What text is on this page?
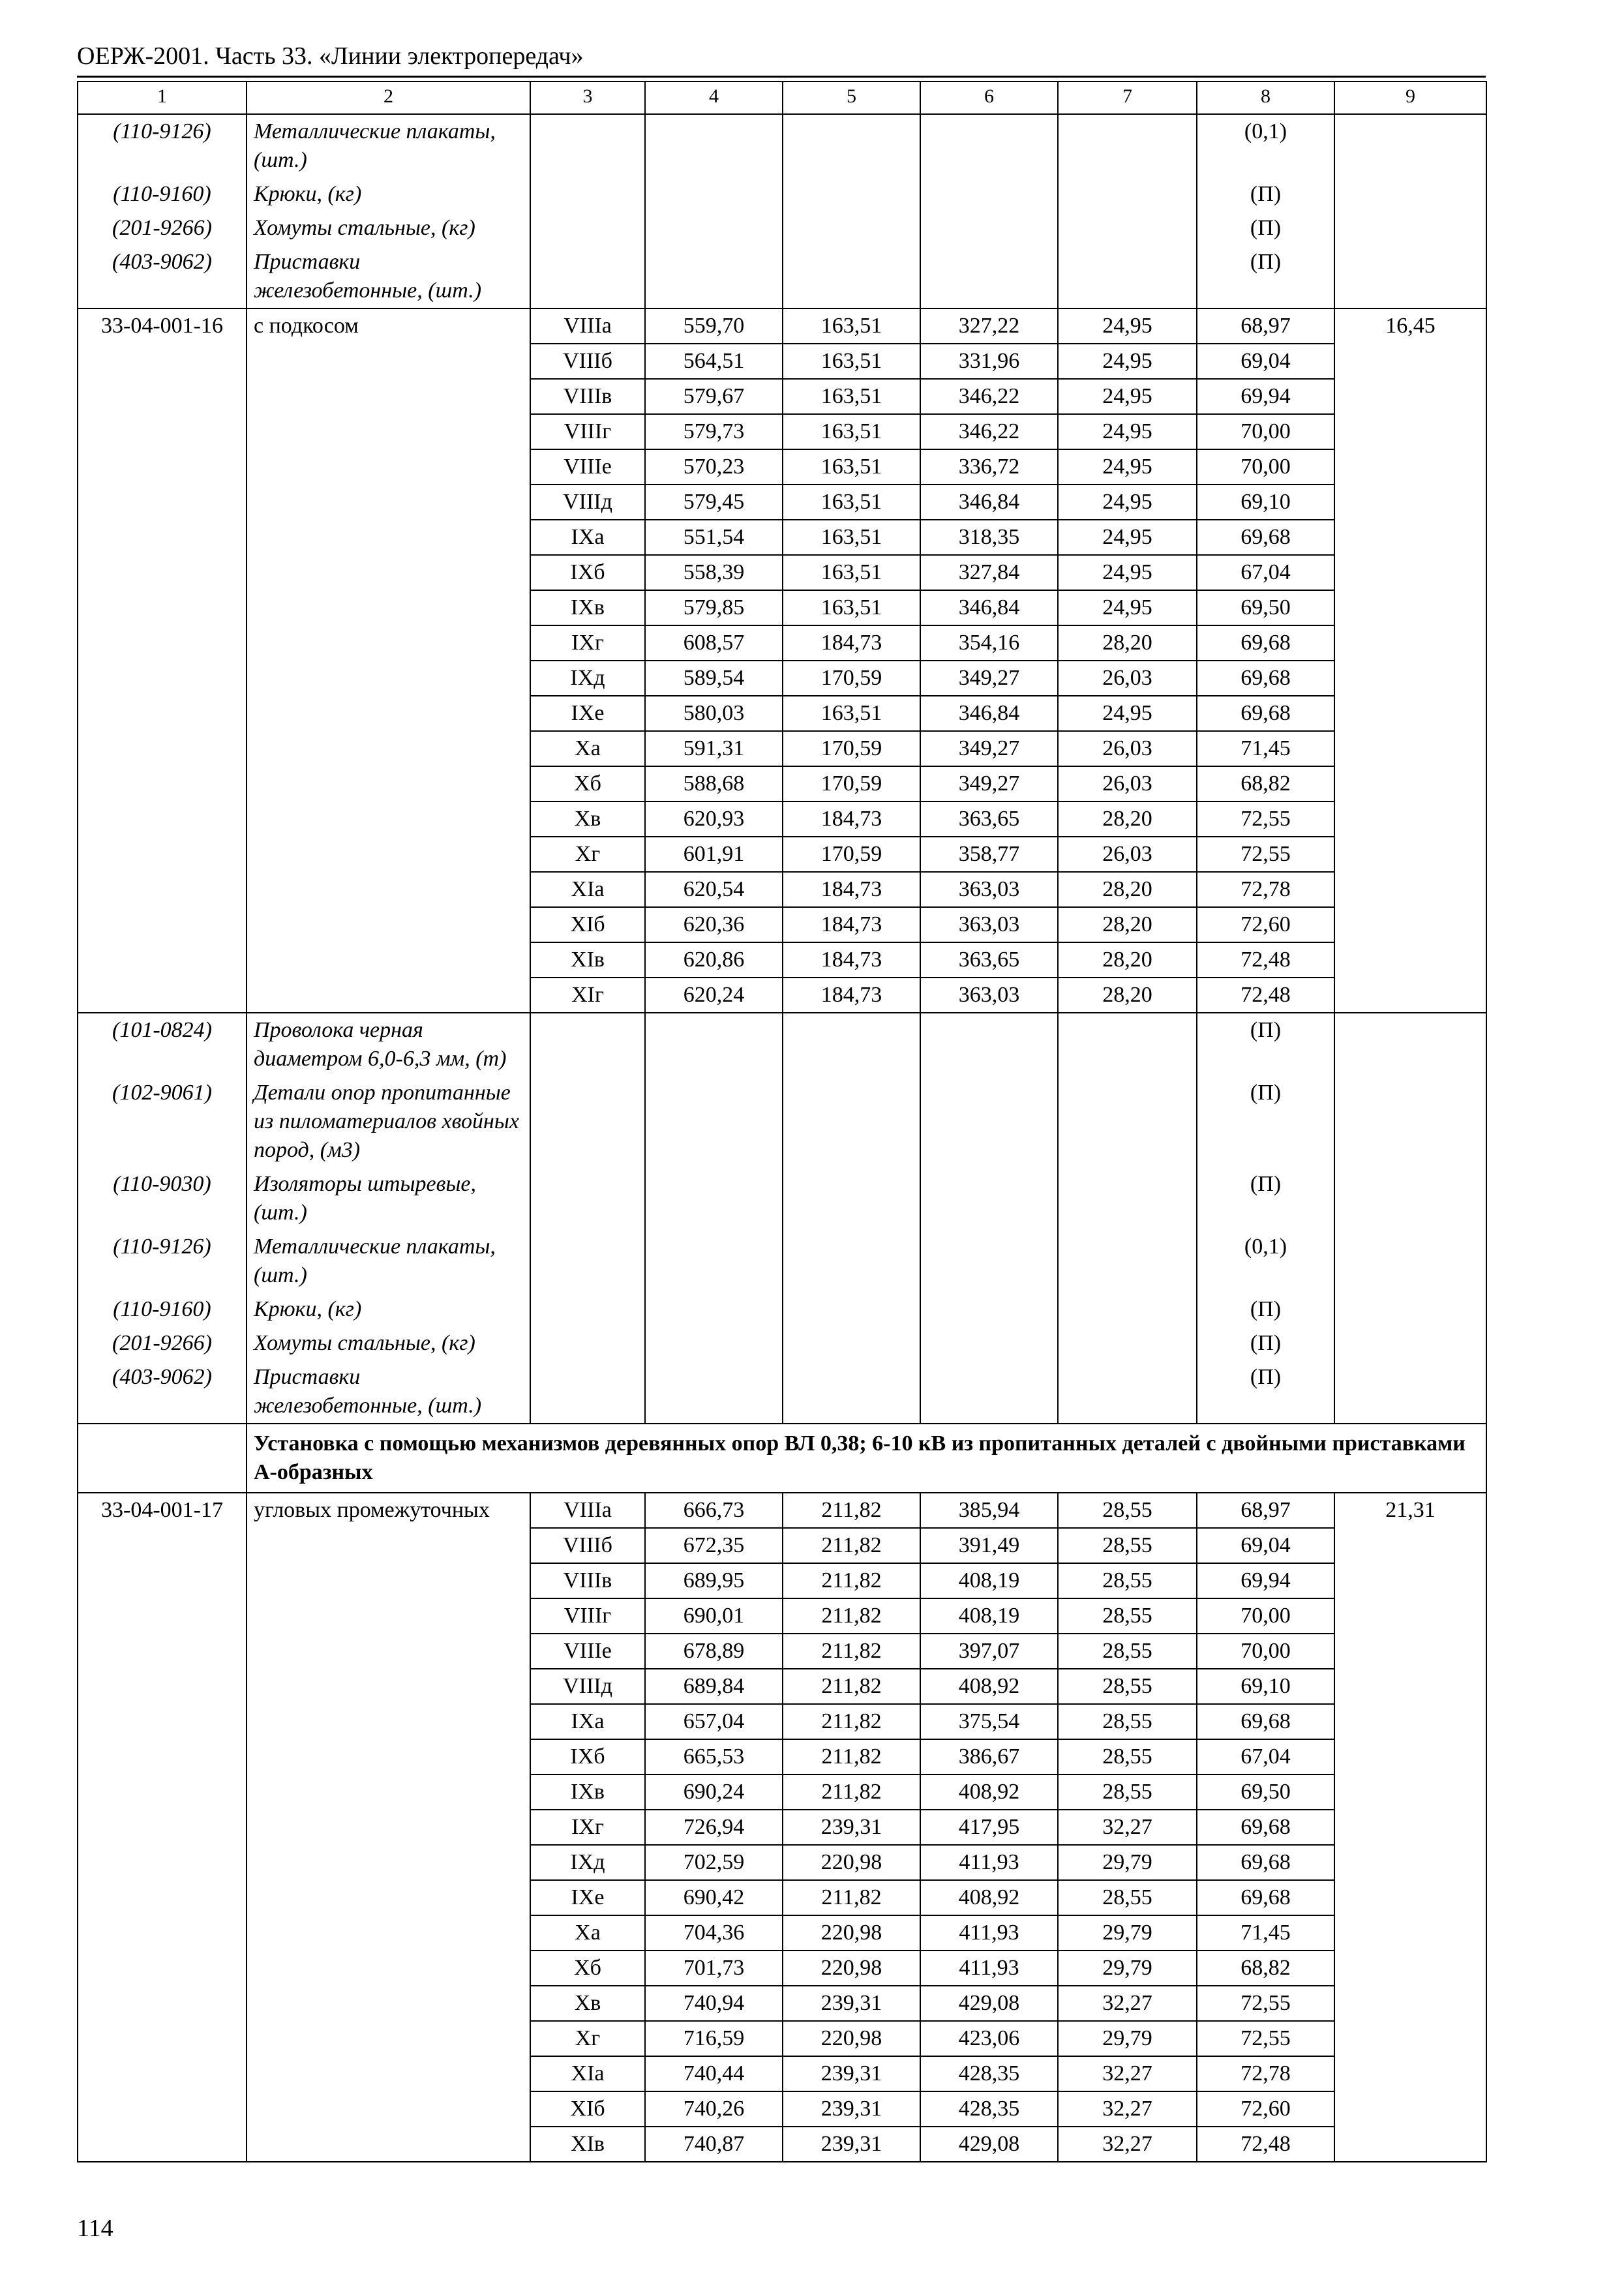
ОЕРЖ-2001. Часть 33. «Линии электропередач»
1	2	3	4	5	6	7	8	9
(110-9126)	Металлические плакаты, (шт.)						(0,1)	
(110-9160)	Крюки, (кг)						(П)	
(201-9266)	Хомуты стальные, (кг)						(П)	
(403-9062)	Приставки железобетонные, (шт.)						(П)	
33-04-001-16	с подкосом	VIIIа	559,70	163,51	327,22	24,95	68,97	16,45
		VIIIб	564,51	163,51	331,96	24,95	69,04	
		VIIIв	579,67	163,51	346,22	24,95	69,94	
		VIIIг	579,73	163,51	346,22	24,95	70,00	
		VIIIе	570,23	163,51	336,72	24,95	70,00	
		VIIIд	579,45	163,51	346,84	24,95	69,10	
		IXа	551,54	163,51	318,35	24,95	69,68	
		IXб	558,39	163,51	327,84	24,95	67,04	
		IXв	579,85	163,51	346,84	24,95	69,50	
		IXг	608,57	184,73	354,16	28,20	69,68	
		IXд	589,54	170,59	349,27	26,03	69,68	
		IXе	580,03	163,51	346,84	24,95	69,68	
		Xа	591,31	170,59	349,27	26,03	71,45	
		Xб	588,68	170,59	349,27	26,03	68,82	
		Xв	620,93	184,73	363,65	28,20	72,55	
		Xг	601,91	170,59	358,77	26,03	72,55	
		XIа	620,54	184,73	363,03	28,20	72,78	
		XIб	620,36	184,73	363,03	28,20	72,60	
		XIв	620,86	184,73	363,65	28,20	72,48	
		XIг	620,24	184,73	363,03	28,20	72,48	
(101-0824)	Проволока черная диаметром 6,0-6,3 мм, (т)						(П)	
(102-9061)	Детали опор пропитанные из пиломатериалов хвойных пород, (м3)						(П)	
(110-9030)	Изоляторы штыревые, (шт.)						(П)	
(110-9126)	Металлические плакаты, (шт.)						(0,1)	
(110-9160)	Крюки, (кг)						(П)	
(201-9266)	Хомуты стальные, (кг)						(П)	
(403-9062)	Приставки железобетонные, (шт.)						(П)	
	Установка с помощью механизмов деревянных опор ВЛ 0,38; 6-10 кВ из пропитанных деталей с двойными приставками А-образных							
33-04-001-17	угловых промежуточных	VIIIа	666,73	211,82	385,94	28,55	68,97	21,31
		VIIIб	672,35	211,82	391,49	28,55	69,04	
		VIIIв	689,95	211,82	408,19	28,55	69,94	
		VIIIг	690,01	211,82	408,19	28,55	70,00	
		VIIIе	678,89	211,82	397,07	28,55	70,00	
		VIIIд	689,84	211,82	408,92	28,55	69,10	
		IXа	657,04	211,82	375,54	28,55	69,68	
		IXб	665,53	211,82	386,67	28,55	67,04	
		IXв	690,24	211,82	408,92	28,55	69,50	
		IXг	726,94	239,31	417,95	32,27	69,68	
		IXд	702,59	220,98	411,93	29,79	69,68	
		IXе	690,42	211,82	408,92	28,55	69,68	
		Xа	704,36	220,98	411,93	29,79	71,45	
		Xб	701,73	220,98	411,93	29,79	68,82	
		Xв	740,94	239,31	429,08	32,27	72,55	
		Xг	716,59	220,98	423,06	29,79	72,55	
		XIа	740,44	239,31	428,35	32,27	72,78	
		XIб	740,26	239,31	428,35	32,27	72,60	
		XIв	740,87	239,31	429,08	32,27	72,48	
114
